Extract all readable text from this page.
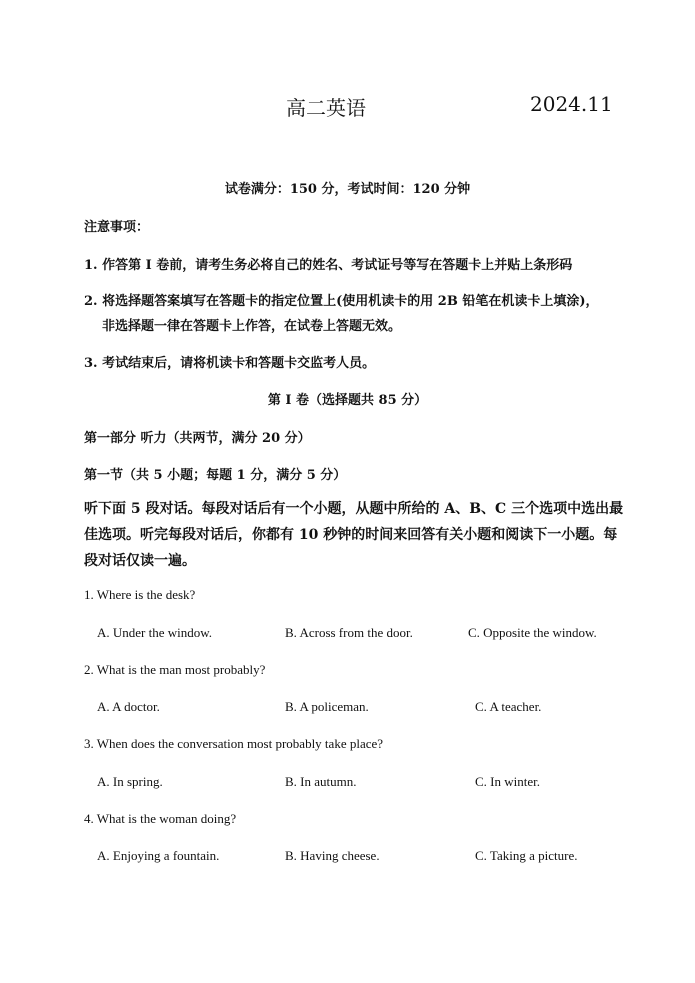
高二英语	2024.11
试卷满分：150 分，考试时间：120 分钟
注意事项：
1. 作答第 I 卷前，请考生务必将自己的姓名、考试证号等写在答题卡上并贴上条形码
2. 将选择题答案填写在答题卡的指定位置上(使用机读卡的用 2B 铅笔在机读卡上填涂)，
非选择题一律在答题卡上作答，在试卷上答题无效。
3. 考试结束后，请将机读卡和答题卡交监考人员。
第 I 卷（选择题共 85 分）
第一部分 听力（共两节，满分 20 分）
第一节（共 5 小题；每题 1 分，满分 5 分）
听下面 5 段对话。每段对话后有一个小题，从题中所给的 A、B、C 三个选项中选出最
佳选项。听完每段对话后，你都有 10 秒钟的时间来回答有关小题和阅读下一小题。每
段对话仅读一遍。
1. Where is the desk?
A. Under the window.	B. Across from the door.	C. Opposite the window.
2. What is the man most probably?
A. A doctor.	B. A policeman.	C. A teacher.
3. When does the conversation most probably take place?
A. In spring.	B. In autumn.	C. In winter.
4. What is the woman doing?
A. Enjoying a fountain.	B. Having cheese.	C. Taking a picture.
